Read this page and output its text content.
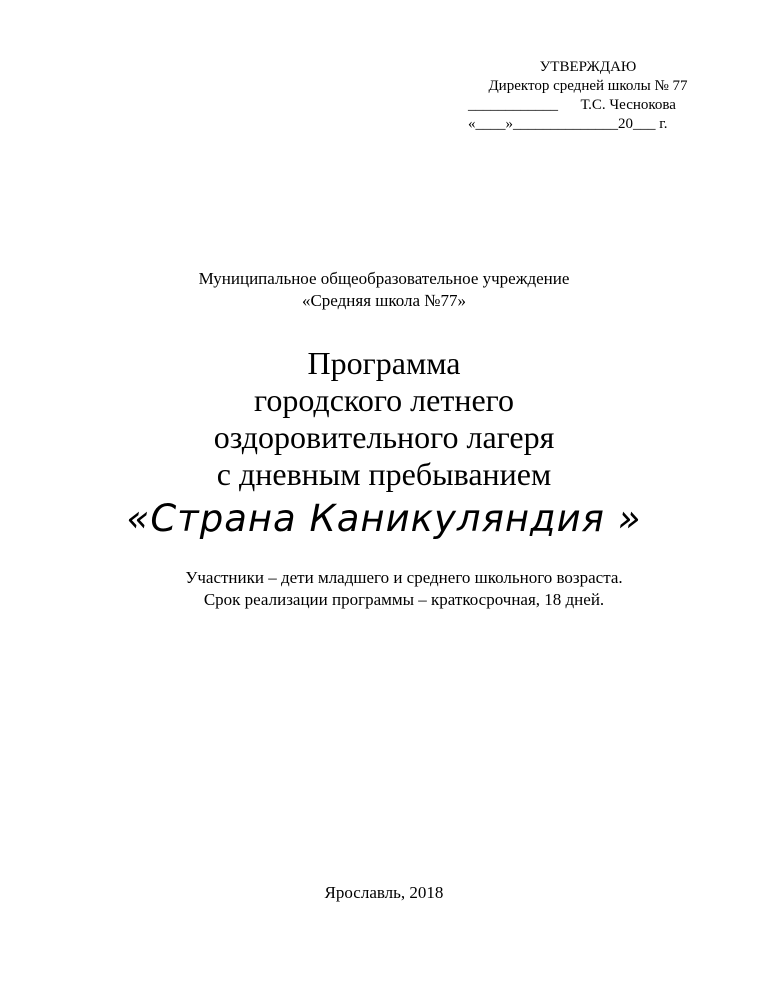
УТВЕРЖДАЮ
Директор средней школы № 77
____________      Т.С. Чеснокова
«____»______________20___ г.
Муниципальное общеобразовательное учреждение
«Средняя школа №77»
Программа
городского летнего
оздоровительного лагеря
с дневным пребыванием
«Страна Каникуляндия »
Участники – дети младшего и среднего школьного возраста.
Срок реализации программы – краткосрочная, 18 дней.
Ярославль, 2018
